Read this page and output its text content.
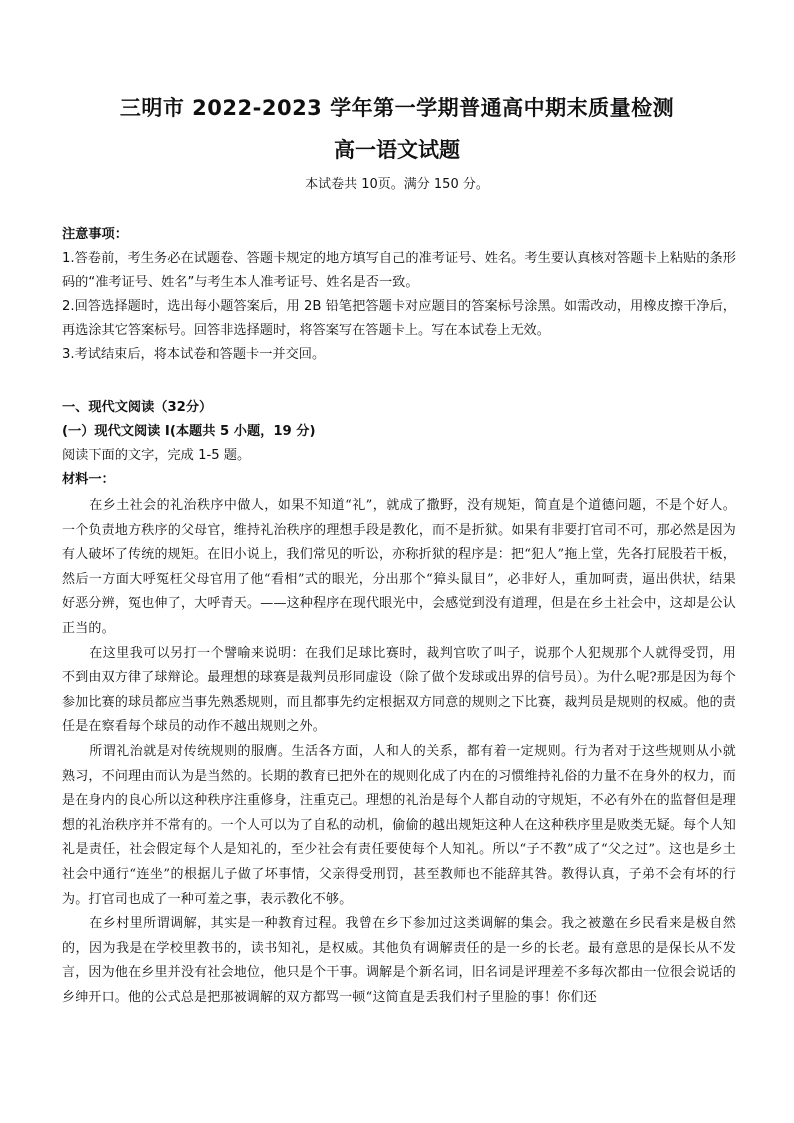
三明市 2022-2023 学年第一学期普通高中期末质量检测
高一语文试题
本试卷共 10页。满分 150 分。

注意事项：

1.答卷前，考生务必在试题卷、答题卡规定的地方填写自己的准考证号、姓名。考生要认真核对答题卡上粘贴的条形码的“准考证号、姓名”与考生本人准考证号、姓名是否一致。

2.回答选择题时，选出每小题答案后，用 2B 铅笔把答题卡对应题目的答案标号涂黑。如需改动，用橡皮擦干净后，再选涂其它答案标号。回答非选择题时，将答案写在答题卡上。写在本试卷上无效。

3.考试结束后，将本试卷和答题卡一并交回。

一、现代文阅读（32分）

(一）现代文阅读 I(本题共 5 小题，19 分)

阅读下面的文字，完成 1-5 题。

材料一：

在乡土社会的礼治秩序中做人，如果不知道“礼”，就成了撒野，没有规矩，简直是个道德问题，不是个好人。一个负责地方秩序的父母官，维持礼治秩序的理想手段是教化，而不是折狱。如果有非要打官司不可，那必然是因为有人破坏了传统的规矩。在旧小说上，我们常见的听讼，亦称折狱的程序是：把“犯人”拖上堂，先各打屁股若干板，然后一方面大呼冤枉父母官用了他“看相”式的眼光，分出那个“獐头鼠目”，必非好人，重加呵责，逼出供状，结果好恶分辨，冤也伸了，大呼青天。——这种程序在现代眼光中，会感觉到没有道理，但是在乡土社会中，这却是公认正当的。

在这里我可以另打一个譬喻来说明：在我们足球比赛时，裁判官吹了叫子，说那个人犯规那个人就得受罚，用不到由双方律了球辩论。最理想的球赛是裁判员形同虚设（除了做个发球或出界的信号员）。为什么呢?那是因为每个参加比赛的球员都应当事先熟悉规则，而且都事先约定根据双方同意的规则之下比赛，裁判员是规则的权威。他的责任是在察看每个球员的动作不越出规则之外。

所谓礼治就是对传统规则的服膺。生活各方面，人和人的关系，都有着一定规则。行为者对于这些规则从小就熟习，不问理由而认为是当然的。长期的教育已把外在的规则化成了内在的习惯维持礼俗的力量不在身外的权力，而是在身内的良心所以这种秩序注重修身，注重克己。理想的礼治是每个人都自动的守规矩，不必有外在的监督但是理想的礼治秩序并不常有的。一个人可以为了自私的动机，偷偷的越出规矩这种人在这种秩序里是败类无疑。每个人知礼是责任，社会假定每个人是知礼的，至少社会有责任要使每个人知礼。所以“子不教”成了“父之过”。这也是乡土社会中通行“连坐”的根据儿子做了坏事情，父亲得受刑罚，甚至教师也不能辞其咎。教得认真，子弟不会有坏的行为。打官司也成了一种可羞之事，表示教化不够。

在乡村里所谓调解，其实是一种教育过程。我曾在乡下参加过这类调解的集会。我之被邀在乡民看来是极自然的，因为我是在学校里教书的，读书知礼，是权威。其他负有调解责任的是一乡的长老。最有意思的是保长从不发言，因为他在乡里并没有社会地位，他只是个干事。调解是个新名词，旧名词是评理差不多每次都由一位很会说话的乡绅开口。他的公式总是把那被调解的双方都骂一顿“这简直是丢我们村子里脸的事！你们还
